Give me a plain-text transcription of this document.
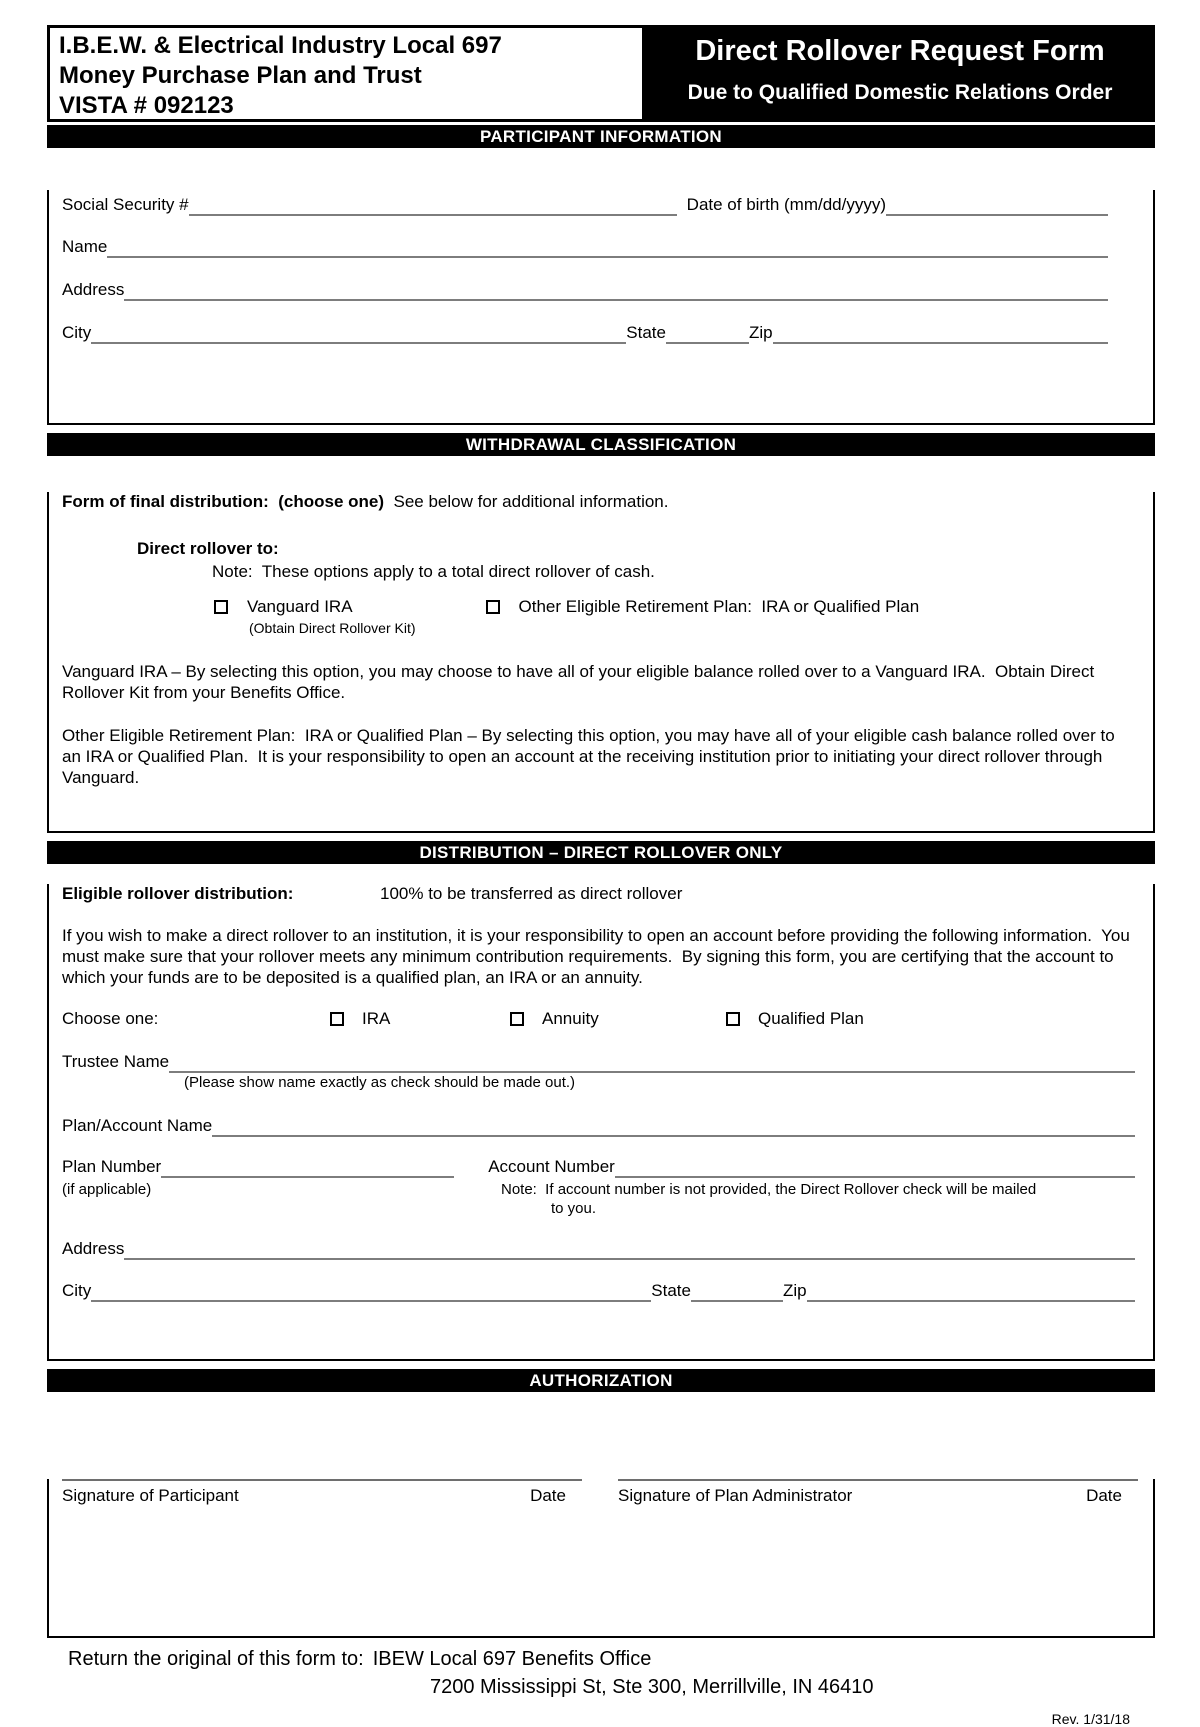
I.B.E.W. & Electrical Industry Local 697
Money Purchase Plan and Trust
VISTA # 092123
Direct Rollover Request Form
Due to Qualified Domestic Relations Order
PARTICIPANT INFORMATION
Social Security #	Date of birth (mm/dd/yyyy)
Name
Address
City	State	Zip
WITHDRAWAL CLASSIFICATION
Form of final distribution:  (choose one)  See below for additional information.
Direct rollover to:
Note:  These options apply to a total direct rollover of cash.
Vanguard IRA	Other Eligible Retirement Plan:  IRA or Qualified Plan
(Obtain Direct Rollover Kit)
Vanguard IRA – By selecting this option, you may choose to have all of your eligible balance rolled over to a Vanguard IRA.  Obtain Direct Rollover Kit from your Benefits Office.
Other Eligible Retirement Plan:  IRA or Qualified Plan – By selecting this option, you may have all of your eligible cash balance rolled over to an IRA or Qualified Plan.  It is your responsibility to open an account at the receiving institution prior to initiating your direct rollover through Vanguard.
DISTRIBUTION – DIRECT ROLLOVER ONLY
Eligible rollover distribution:	100% to be transferred as direct rollover
If you wish to make a direct rollover to an institution, it is your responsibility to open an account before providing the following information.  You must make sure that your rollover meets any minimum contribution requirements.  By signing this form, you are certifying that the account to which your funds are to be deposited is a qualified plan, an IRA or an annuity.
Choose one:	IRA	Annuity	Qualified Plan
Trustee Name
(Please show name exactly as check should be made out.)
Plan/Account Name
Plan Number	Account Number
(if applicable)	Note:  If account number is not provided, the Direct Rollover check will be mailed
to you.
Address
City	State	Zip
AUTHORIZATION
Signature of Participant	Date	Signature of Plan Administrator	Date
Return the original of this form to: IBEW Local 697 Benefits Office
7200 Mississippi St, Ste 300, Merrillville, IN 46410
Rev. 1/31/18
